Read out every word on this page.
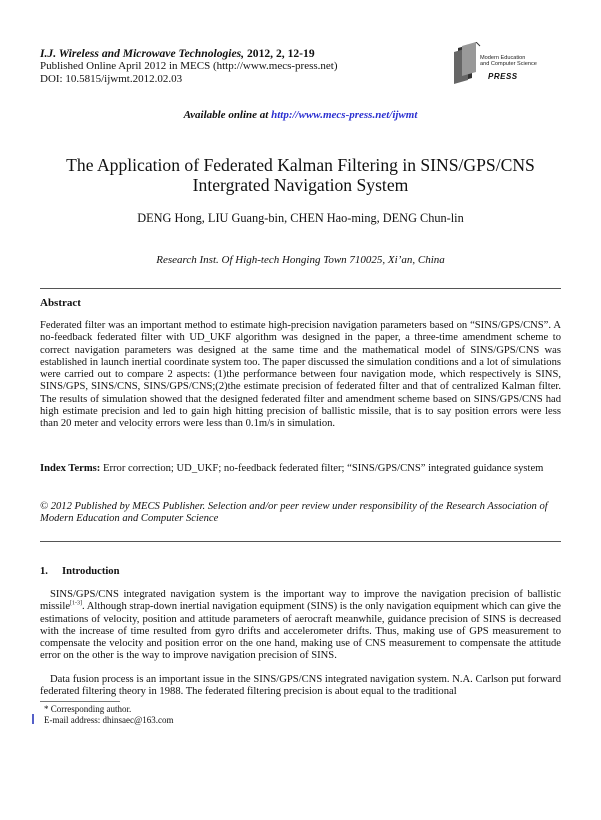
I.J. Wireless and Microwave Technologies, 2012, 2, 12-19
Published Online April 2012 in MECS (http://www.mecs-press.net)
DOI: 10.5815/ijwmt.2012.02.03
Modern Education
and Computer Science
PRESS
Available online at http://www.mecs-press.net/ijwmt
The Application of Federated Kalman Filtering in SINS/GPS/CNS
Intergrated Navigation System
DENG Hong, LIU Guang-bin, CHEN Hao-ming, DENG Chun-lin
Research Inst. Of High-tech Honging Town 710025, Xi’an, China
Abstract
Federated filter was an important method to estimate high-precision navigation parameters based on “SINS/GPS/CNS”. A no-feedback federated filter with UD_UKF algorithm was designed in the paper, a three-time amendment scheme to correct navigation parameters was designed at the same time and the mathematical model of SINS/GPS/CNS was established in launch inertial coordinate system too. The paper discussed the simulation conditions and a lot of simulations were carried out to compare 2 aspects: (1)the performance between four navigation mode, which respectively is SINS, SINS/GPS, SINS/CNS, SINS/GPS/CNS;(2)the estimate precision of federated filter and that of centralized Kalman filter. The results of simulation showed that the designed federated filter and amendment scheme based on SINS/GPS/CNS had high estimate precision and led to gain high hitting precision of ballistic missile, that is to say position errors were less than 20 meter and velocity errors were less than 0.1m/s in simulation.
Index Terms: Error correction; UD_UKF; no-feedback federated filter; “SINS/GPS/CNS” integrated guidance system
© 2012 Published by MECS Publisher. Selection and/or peer review under responsibility of the Research Association of Modern Education and Computer Science
1. Introduction

SINS/GPS/CNS integrated navigation system is the important way to improve the navigation precision of ballistic missile[1-3]. Although strap-down inertial navigation equipment (SINS) is the only navigation equipment which can give the estimations of velocity, position and attitude parameters of aerocraft meanwhile, guidance precision of SINS is decreased with the increase of time resulted from gyro drifts and accelerometer drifts. Thus, making use of GPS measurement to compensate the velocity and position error on the one hand, making use of CNS measurement to compensate the attitude error on the other is the way to improve navigation precision of SINS.

Data fusion process is an important issue in the SINS/GPS/CNS integrated navigation system. N.A. Carlson put forward federated filtering theory in 1988. The federated filtering precision is about equal to the traditional

* Corresponding author.
E-mail address: dhinsaec@163.com
